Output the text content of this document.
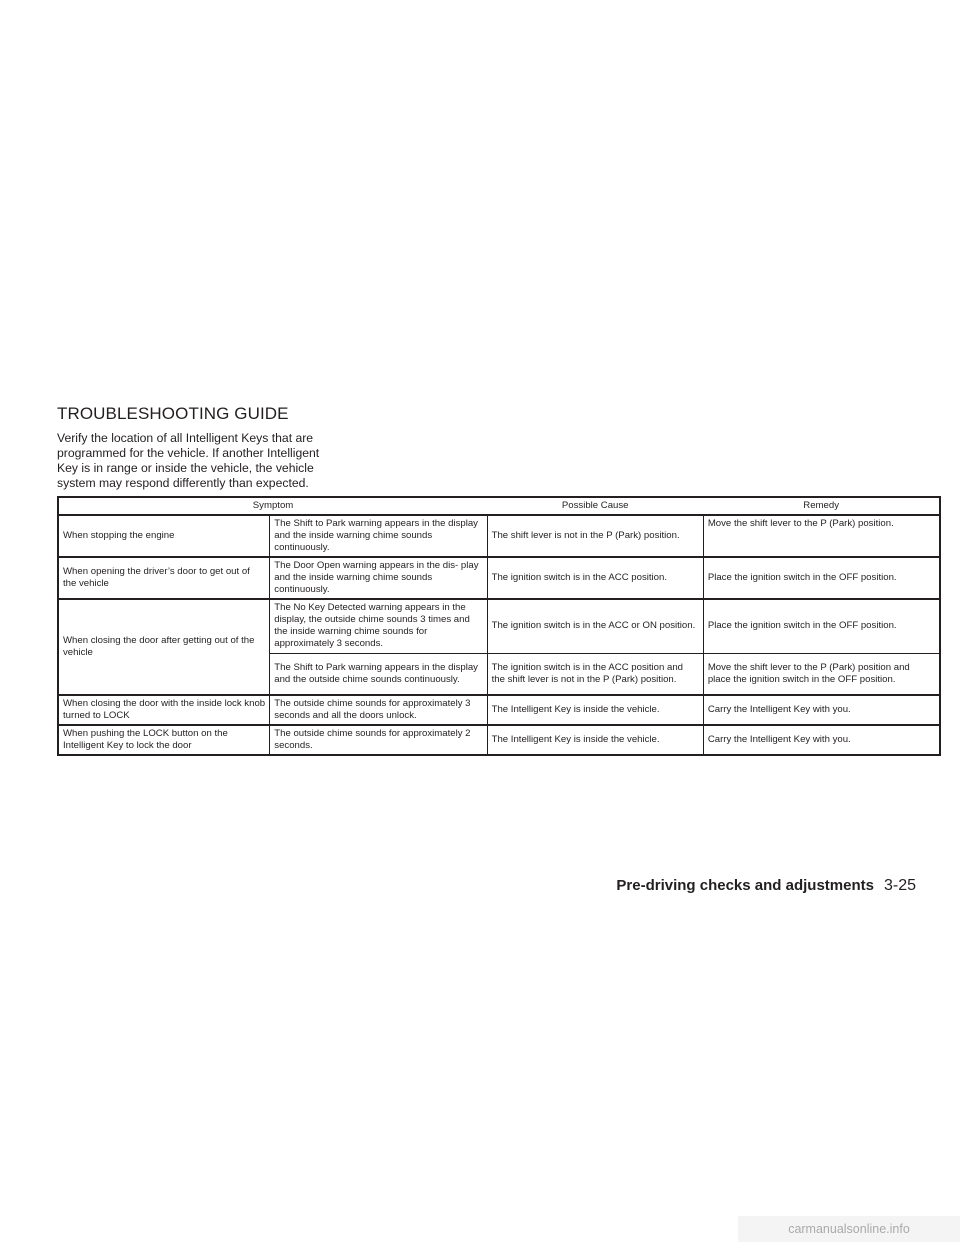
TROUBLESHOOTING GUIDE

Verify the location of all Intelligent Keys that are programmed for the vehicle. If another Intelligent Key is in range or inside the vehicle, the vehicle system may respond differently than expected.

Symptom		Possible Cause	Remedy
When stopping the engine	The Shift to Park warning appears in the display and the inside warning chime sounds continuously.	The shift lever is not in the P (Park) position.	Move the shift lever to the P (Park) position.
When opening the driver’s door to get out of the vehicle	The Door Open warning appears in the dis- play and the inside warning chime sounds continuously.	The ignition switch is in the ACC position.	Place the ignition switch in the OFF position.
When closing the door after getting out of the vehicle	The No Key Detected warning appears in the display, the outside chime sounds 3 times and the inside warning chime sounds for approximately 3 seconds.	The ignition switch is in the ACC or ON position.	Place the ignition switch in the OFF position.
	The Shift to Park warning appears in the display and the outside chime sounds continuously.	The ignition switch is in the ACC position and the shift lever is not in the P (Park) position.	Move the shift lever to the P (Park) position and place the ignition switch in the OFF position.
When closing the door with the inside lock knob turned to LOCK	The outside chime sounds for approximately 3 seconds and all the doors unlock.	The Intelligent Key is inside the vehicle.	Carry the Intelligent Key with you.
When pushing the LOCK button on the Intelligent Key to lock the door	The outside chime sounds for approximately 2 seconds.	The Intelligent Key is inside the vehicle.	Carry the Intelligent Key with you.
Pre-driving checks and adjustments 3-25
carmanualsonline.info
